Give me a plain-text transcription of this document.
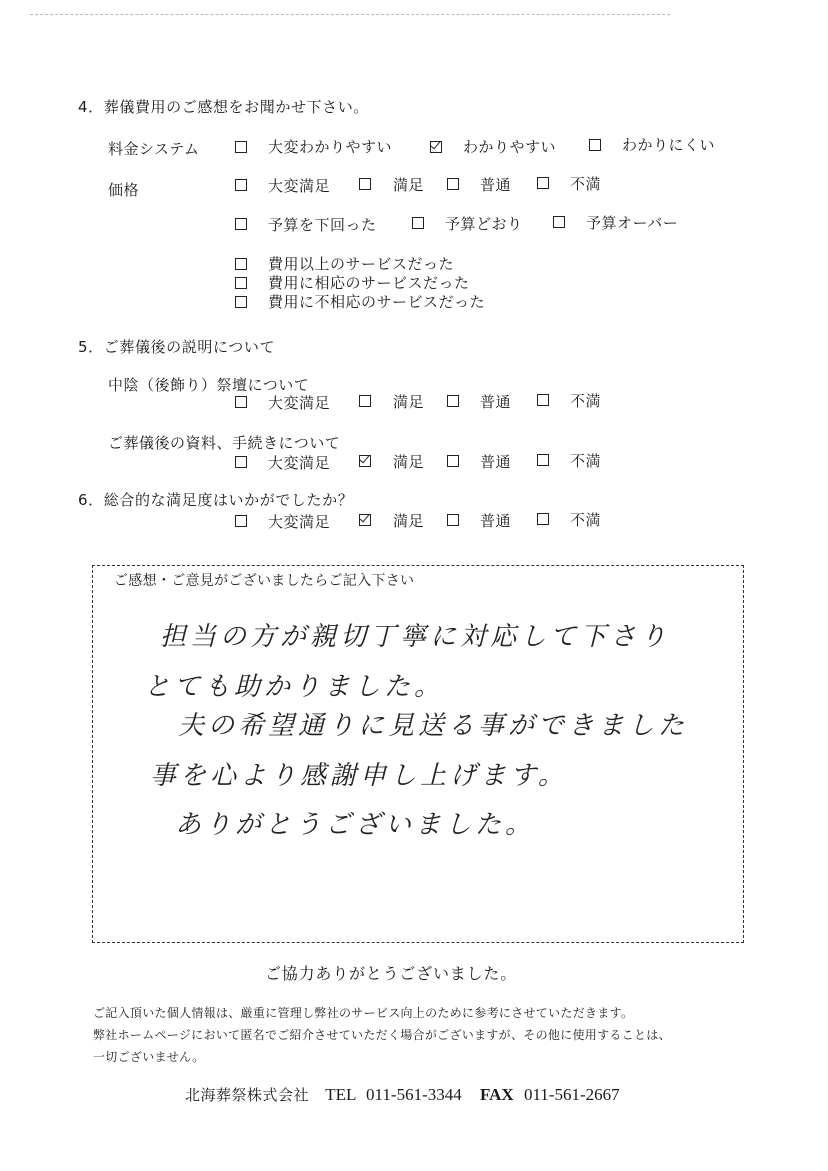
4．葬儀費用のご感想をお聞かせ下さい。
料金システム	大変わかりやすい	わかりやすい	わかりにくい
価格	大変満足	満足	普通	不満
予算を下回った	予算どおり	予算オーバー
費用以上のサービスだった
費用に相応のサービスだった
費用に不相応のサービスだった
5．ご葬儀後の説明について
中陰（後飾り）祭壇について
大変満足	満足	普通	不満
ご葬儀後の資料、手続きについて
大変満足	満足	普通	不満
6．総合的な満足度はいかがでしたか？
大変満足	満足	普通	不満
ご感想・ご意見がございましたらご記入下さい
担当の方が親切丁寧に対応して下さり
とても助かりました。
夫の希望通りに見送る事ができました
事を心より感謝申し上げます。
ありがとうございました。
ご協力ありがとうございました。
ご記入頂いた個人情報は、厳重に管理し弊社のサービス向上のために参考にさせていただきます。
弊社ホームページにおいて匿名でご紹介させていただく場合がございますが、その他に使用することは、
一切ございません。
北海葬祭株式会社 TEL 011-561-3344 FAX 011-561-2667
